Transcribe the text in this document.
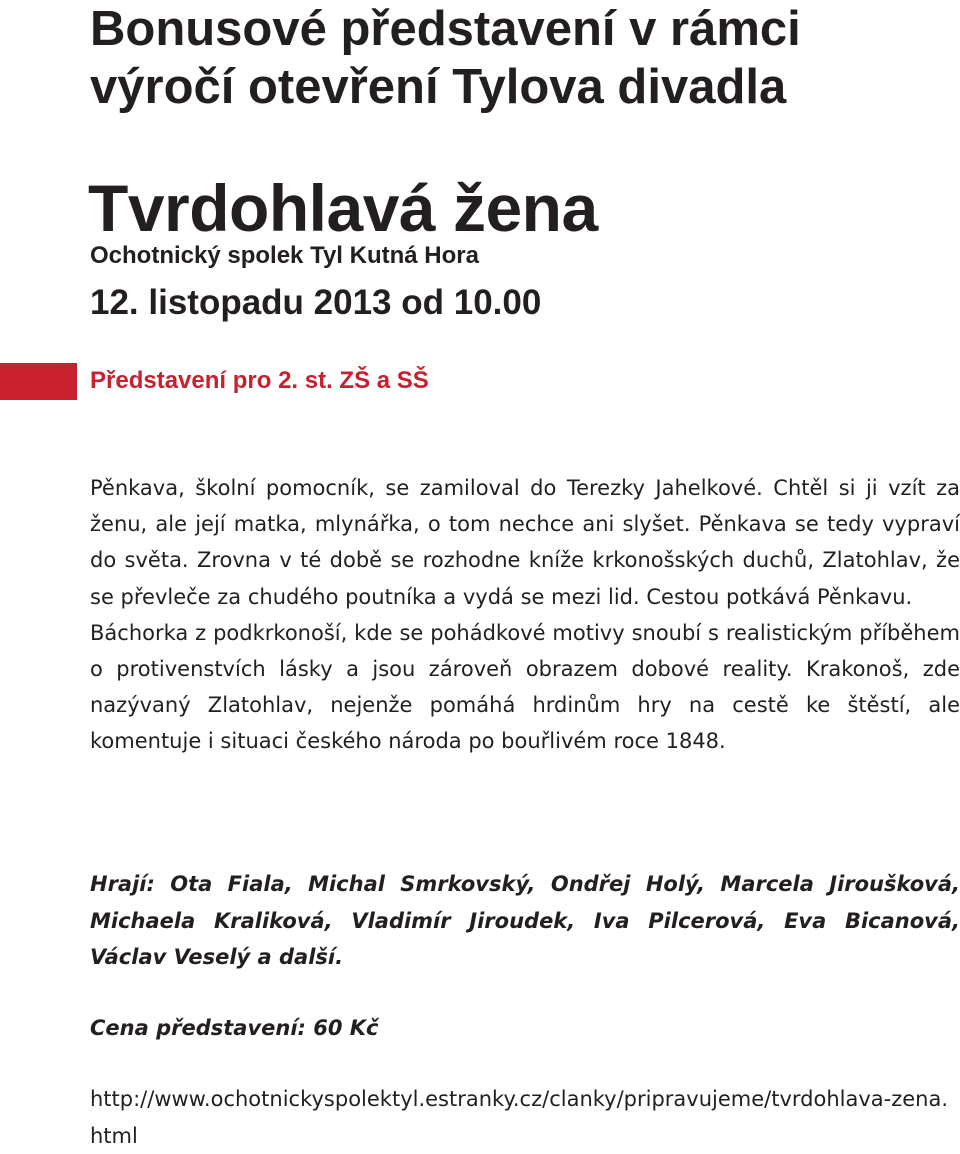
Bonusové představení v rámci výročí otevření Tylova divadla
Tvrdohlavá žena
Ochotnický spolek Tyl Kutná Hora
12. listopadu 2013 od 10.00
Představení pro 2. st. ZŠ a SŠ

Pěnkava, školní pomocník, se zamiloval do Terezky Jahelkové. Chtěl si ji vzít za ženu, ale její matka, mlynářka, o tom nechce ani slyšet. Pěnkava se tedy vypraví do světa. Zrovna v té době se rozhodne kníže krkonošských duchů, Zlatohlav, že se převleče za chudého poutníka a vydá se mezi lid. Cestou potkává Pěnkavu.

Báchorka z podkrkonoší, kde se pohádkové motivy snoubí s realistickým příběhem o protivenstvích lásky a jsou zároveň obrazem dobové reality. Krakonoš, zde nazývaný Zlatohlav, nejenže pomáhá hrdinům hry na cestě ke štěstí, ale komentuje i situaci českého národa po bouřlivém roce 1848.

Hrají: Ota Fiala, Michal Smrkovský, Ondřej Holý, Marcela Jiroušková, Michaela Kraliková, Vladimír Jiroudek, Iva Pilcerová, Eva Bicanová, Václav Veselý a další.
Cena představení: 60 Kč
http://www.ochotnickyspolektyl.estranky.cz/clanky/pripravujeme/tvrdohlava-zena.html
